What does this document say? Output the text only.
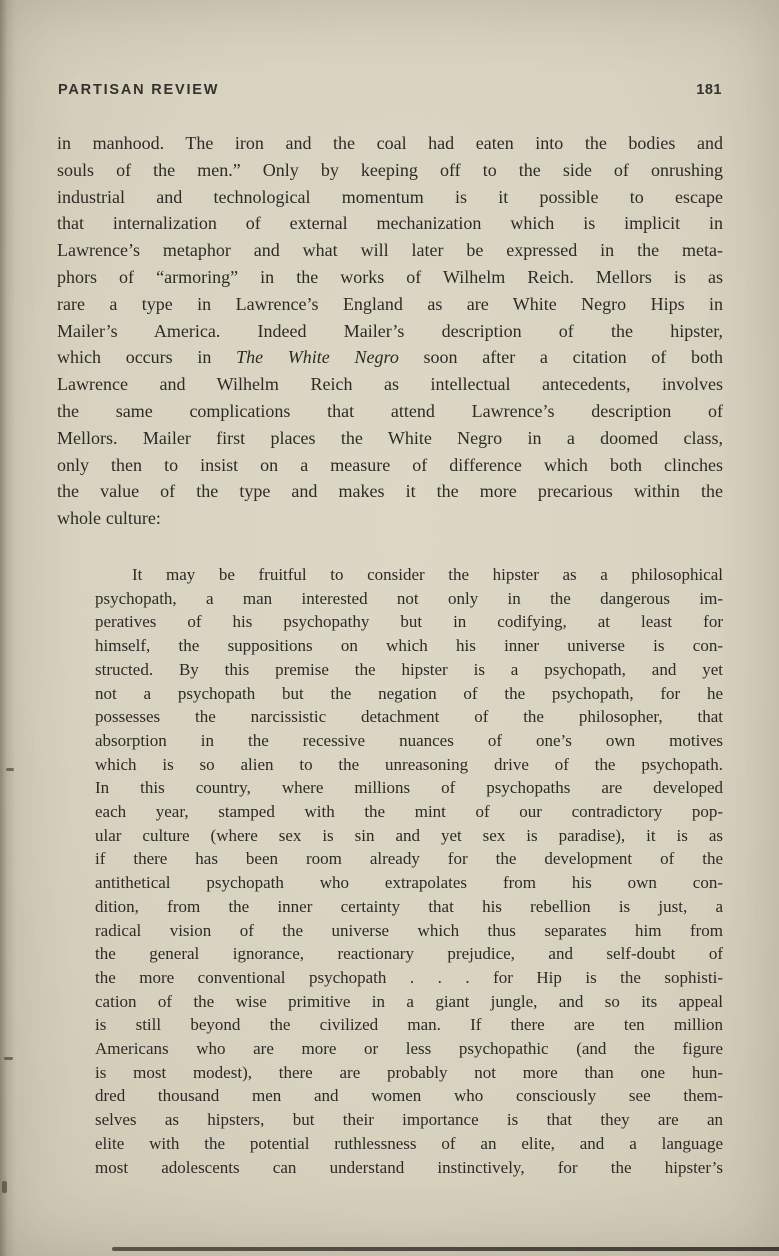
PARTISAN REVIEW	181
in manhood. The iron and the coal had eaten into the bodies and
souls of the men.” Only by keeping off to the side of onrushing
industrial and technological momentum is it possible to escape
that internalization of external mechanization which is implicit in
Lawrence’s metaphor and what will later be expressed in the meta-
phors of “armoring” in the works of Wilhelm Reich. Mellors is as
rare a type in Lawrence’s England as are White Negro Hips in
Mailer’s America. Indeed Mailer’s description of the hipster,
which occurs in The White Negro soon after a citation of both
Lawrence and Wilhelm Reich as intellectual antecedents, involves
the same complications that attend Lawrence’s description of
Mellors. Mailer first places the White Negro in a doomed class,
only then to insist on a measure of difference which both clinches
the value of the type and makes it the more precarious within the
whole culture:
It may be fruitful to consider the hipster as a philosophical
psychopath, a man interested not only in the dangerous im-
peratives of his psychopathy but in codifying, at least for
himself, the suppositions on which his inner universe is con-
structed. By this premise the hipster is a psychopath, and yet
not a psychopath but the negation of the psychopath, for he
possesses the narcissistic detachment of the philosopher, that
absorption in the recessive nuances of one’s own motives
which is so alien to the unreasoning drive of the psychopath.
In this country, where millions of psychopaths are developed
each year, stamped with the mint of our contradictory pop-
ular culture (where sex is sin and yet sex is paradise), it is as
if there has been room already for the development of the
antithetical psychopath who extrapolates from his own con-
dition, from the inner certainty that his rebellion is just, a
radical vision of the universe which thus separates him from
the general ignorance, reactionary prejudice, and self-doubt of
the more conventional psychopath . . . for Hip is the sophisti-
cation of the wise primitive in a giant jungle, and so its appeal
is still beyond the civilized man. If there are ten million
Americans who are more or less psychopathic (and the figure
is most modest), there are probably not more than one hun-
dred thousand men and women who consciously see them-
selves as hipsters, but their importance is that they are an
elite with the potential ruthlessness of an elite, and a language
most adolescents can understand instinctively, for the hipster’s
